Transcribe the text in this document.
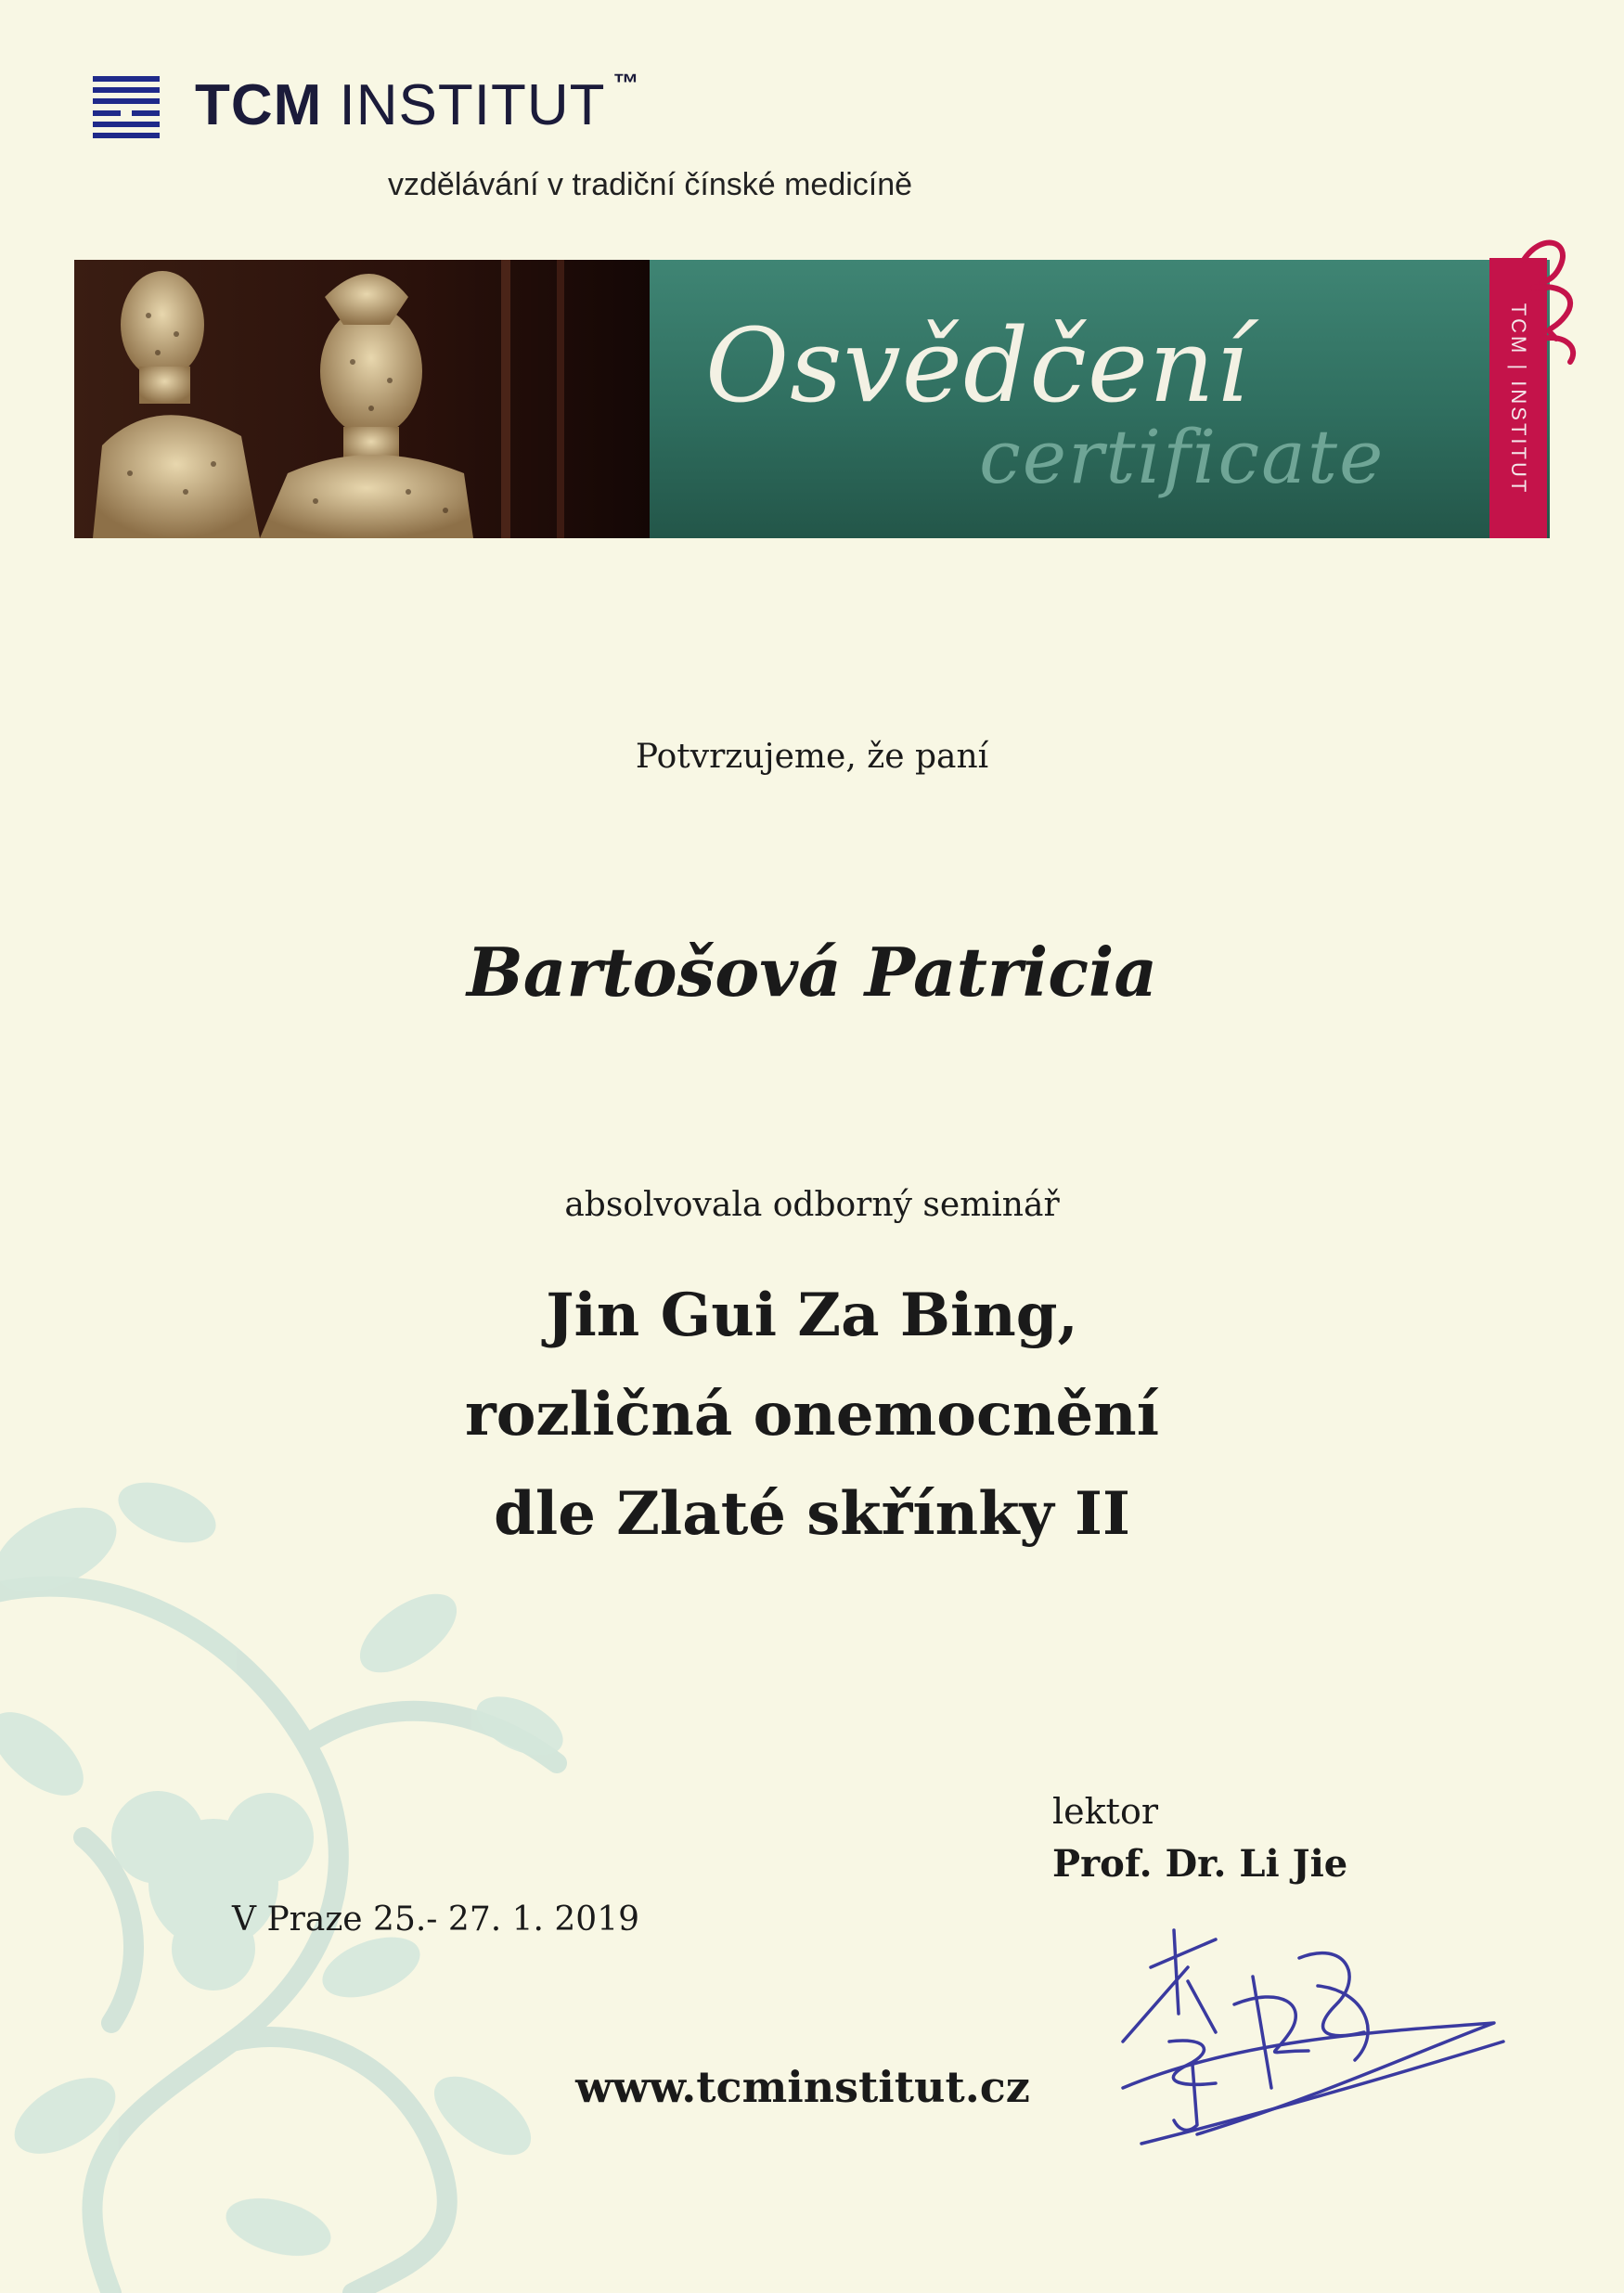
TCM INSTITUT ™
vzdělávání v tradiční čínské medicíně
Osvědčení
certificate	TCM | INSTITUT
Potvrzujeme, že paní
Bartošová Patricia
absolvovala odborný seminář
Jin Gui Za Bing,
rozličná onemocnění
dle Zlaté skřínky II
lektor
Prof. Dr. Li Jie
V Praze 25.- 27. 1. 2019
www.tcminstitut.cz
